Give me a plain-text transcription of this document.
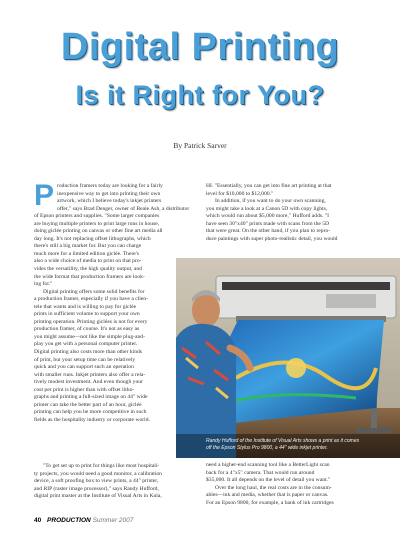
Digital Printing
Is it Right for You?
By Patrick Sarver
P roduction framers today are looking for a fairly
inexpensive way to get into printing their own
artwork, which I believe today's inkjet printers
offer," says Brad Denger, owner of Beale Ash, a distributor
of Epson printers and supplies. "Some larger companies
are buying multiple printers to print large runs in house,
doing giclée printing on canvas or other fine art media all
day long. It's not replacing offset lithographs, which
there's still a big market for. But you can charge
much more for a limited edition giclée. There's
also a wide choice of media to print on that pro-
HI. "Essentially, you can get into fine art printing at that
level for $10,000 to $12,000."
In addition, if you want to do your own scanning,
you might take a look at a Canon 5D with copy lights,
which would run about $5,000 more," Hufford adds. "I
have seen 30"x40" prints made with scans from the 5D
that were great. On the other hand, if you plan to repro-
duce paintings with super photo-realistic detail, you would
vides the versatility, the high quality output, and
the wide format that production framers are look-
ing for."
Digital printing offers some solid benefits for
a production framer, especially if you have a clien-
tele that wants and is willing to pay for giclée
prints in sufficient volume to support your own
printing operation. Printing giclées is not for every
production framer, of course. It's not as easy as
you might assume—not like the simple plug-and-
play you get with a personal computer printer.
Digital printing also costs more than other kinds
of print, but your setup time can be relatively
quick and you can support such an operation
with smaller runs. Inkjet printers also offer a rela-
tively modest investment. And even though your
cost per print is higher than with offset litho-
graphs and printing a full-sized image on 44" wide
printer can take the better part of an hour, giclée
printing can help you be more competitive in such
fields as the hospitality industry or corporate world.
"To get set up to print for things like most hospitali-
ty projects, you would need a good monitor, a calibration
device, a soft proofing box to view prints, a 44" printer,
and RIP (raster image processor)," says Randy Hufford,
digital print master at the Institute of Visual Arts in Kula,
Randy Hufford of the Institute of Visual Arts shows a print as it comes off the Epson Stylus Pro 9800, a 44" wide inkjet printer.
need a higher-end scanning tool like a BetterLight scan
back for a 4"x5" camera. That would run around
$35,000. It all depends on the level of detail you want."
Over the long haul, the real costs are in the consum-
ables—ink and media, whether that is paper or canvas.
For an Epson 9800, for example, a bank of ink cartridges
40 PRODUCTION Summer 2007
